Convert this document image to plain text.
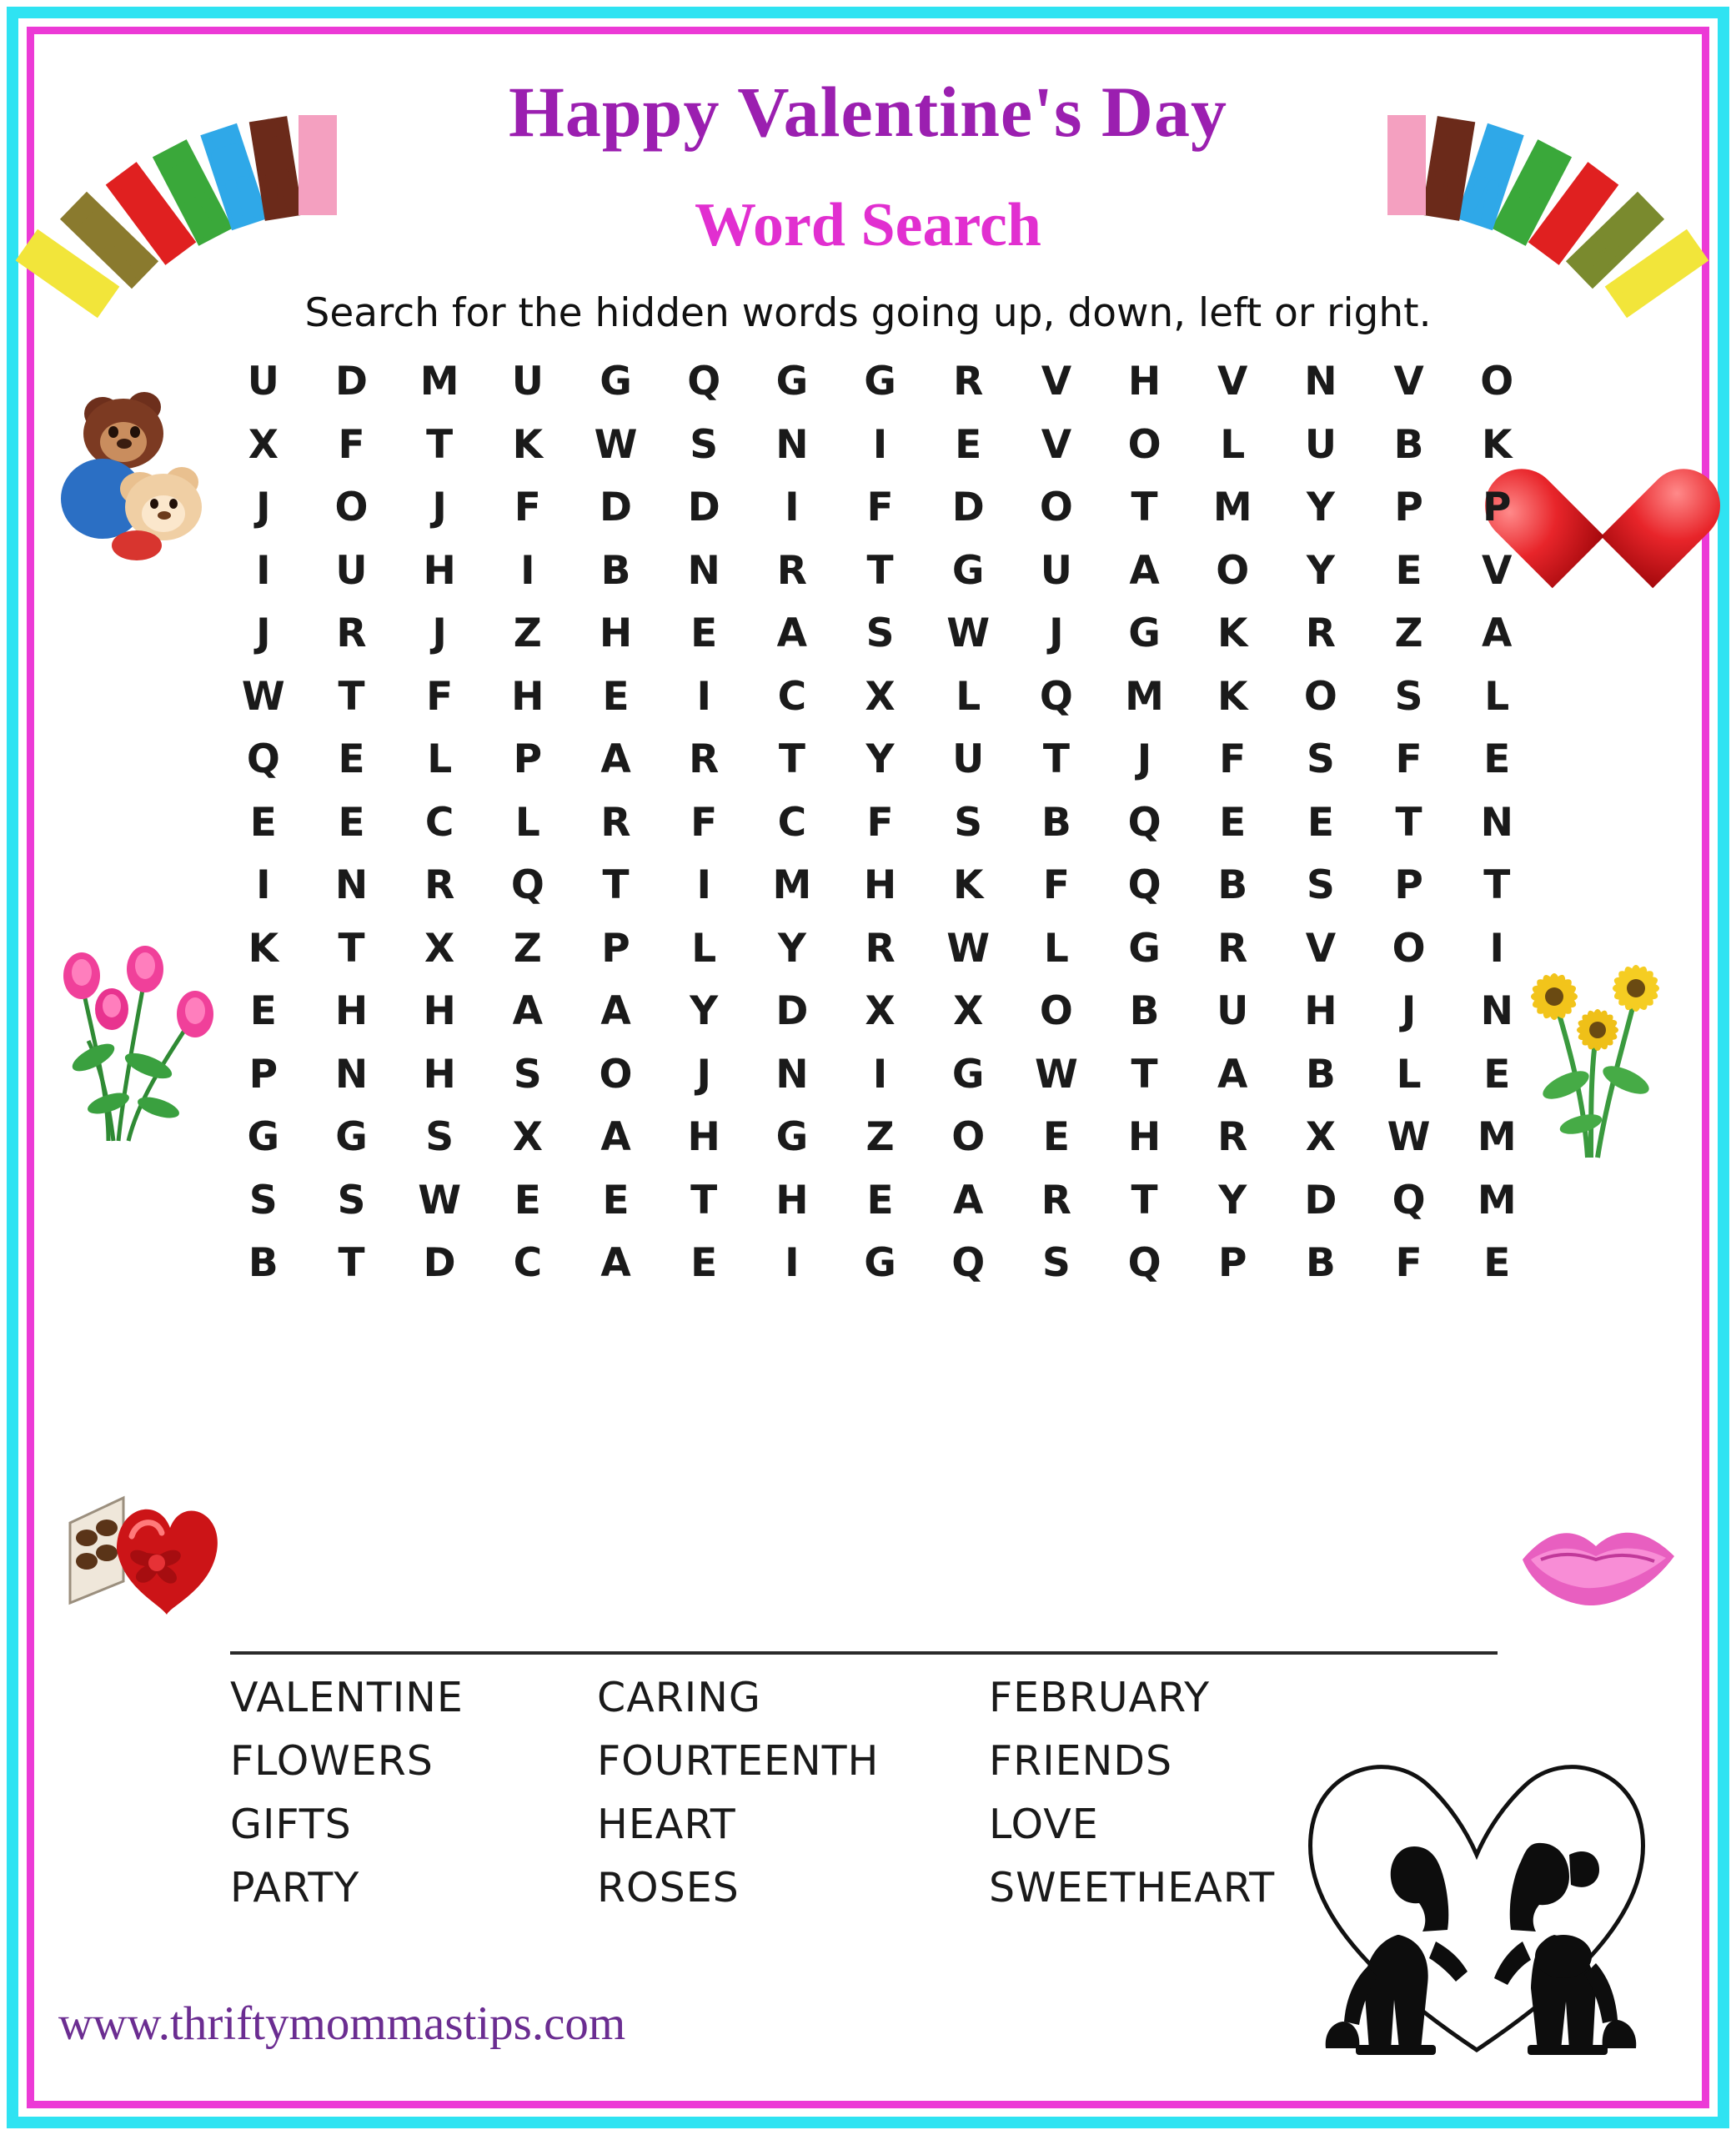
Happy Valentine's Day
Word Search
Search for the hidden words going up, down, left or right.
U	D	M	U	G	Q	G	G	R	V	H	V	N	V	O
X	F	T	K	W	S	N	I	E	V	O	L	U	B	K
J	O	J	F	D	D	I	F	D	O	T	M	Y	P	P
I	U	H	I	B	N	R	T	G	U	A	O	Y	E	V
J	R	J	Z	H	E	A	S	W	J	G	K	R	Z	A
W	T	F	H	E	I	C	X	L	Q	M	K	O	S	L
Q	E	L	P	A	R	T	Y	U	T	J	F	S	F	E
E	E	C	L	R	F	C	F	S	B	Q	E	E	T	N
I	N	R	Q	T	I	M	H	K	F	Q	B	S	P	T
K	T	X	Z	P	L	Y	R	W	L	G	R	V	O	I
E	H	H	A	A	Y	D	X	X	O	B	U	H	J	N
P	N	H	S	O	J	N	I	G	W	T	A	B	L	E
G	G	S	X	A	H	G	Z	O	E	H	R	X	W	M
S	S	W	E	E	T	H	E	A	R	T	Y	D	Q	M
B	T	D	C	A	E	I	G	Q	S	Q	P	B	F	E
VALENTINE
FLOWERS
GIFTS
PARTY
CARING
FOURTEENTH
HEART
ROSES
FEBRUARY
FRIENDS
LOVE
SWEETHEART
www.thriftymommastips.com
